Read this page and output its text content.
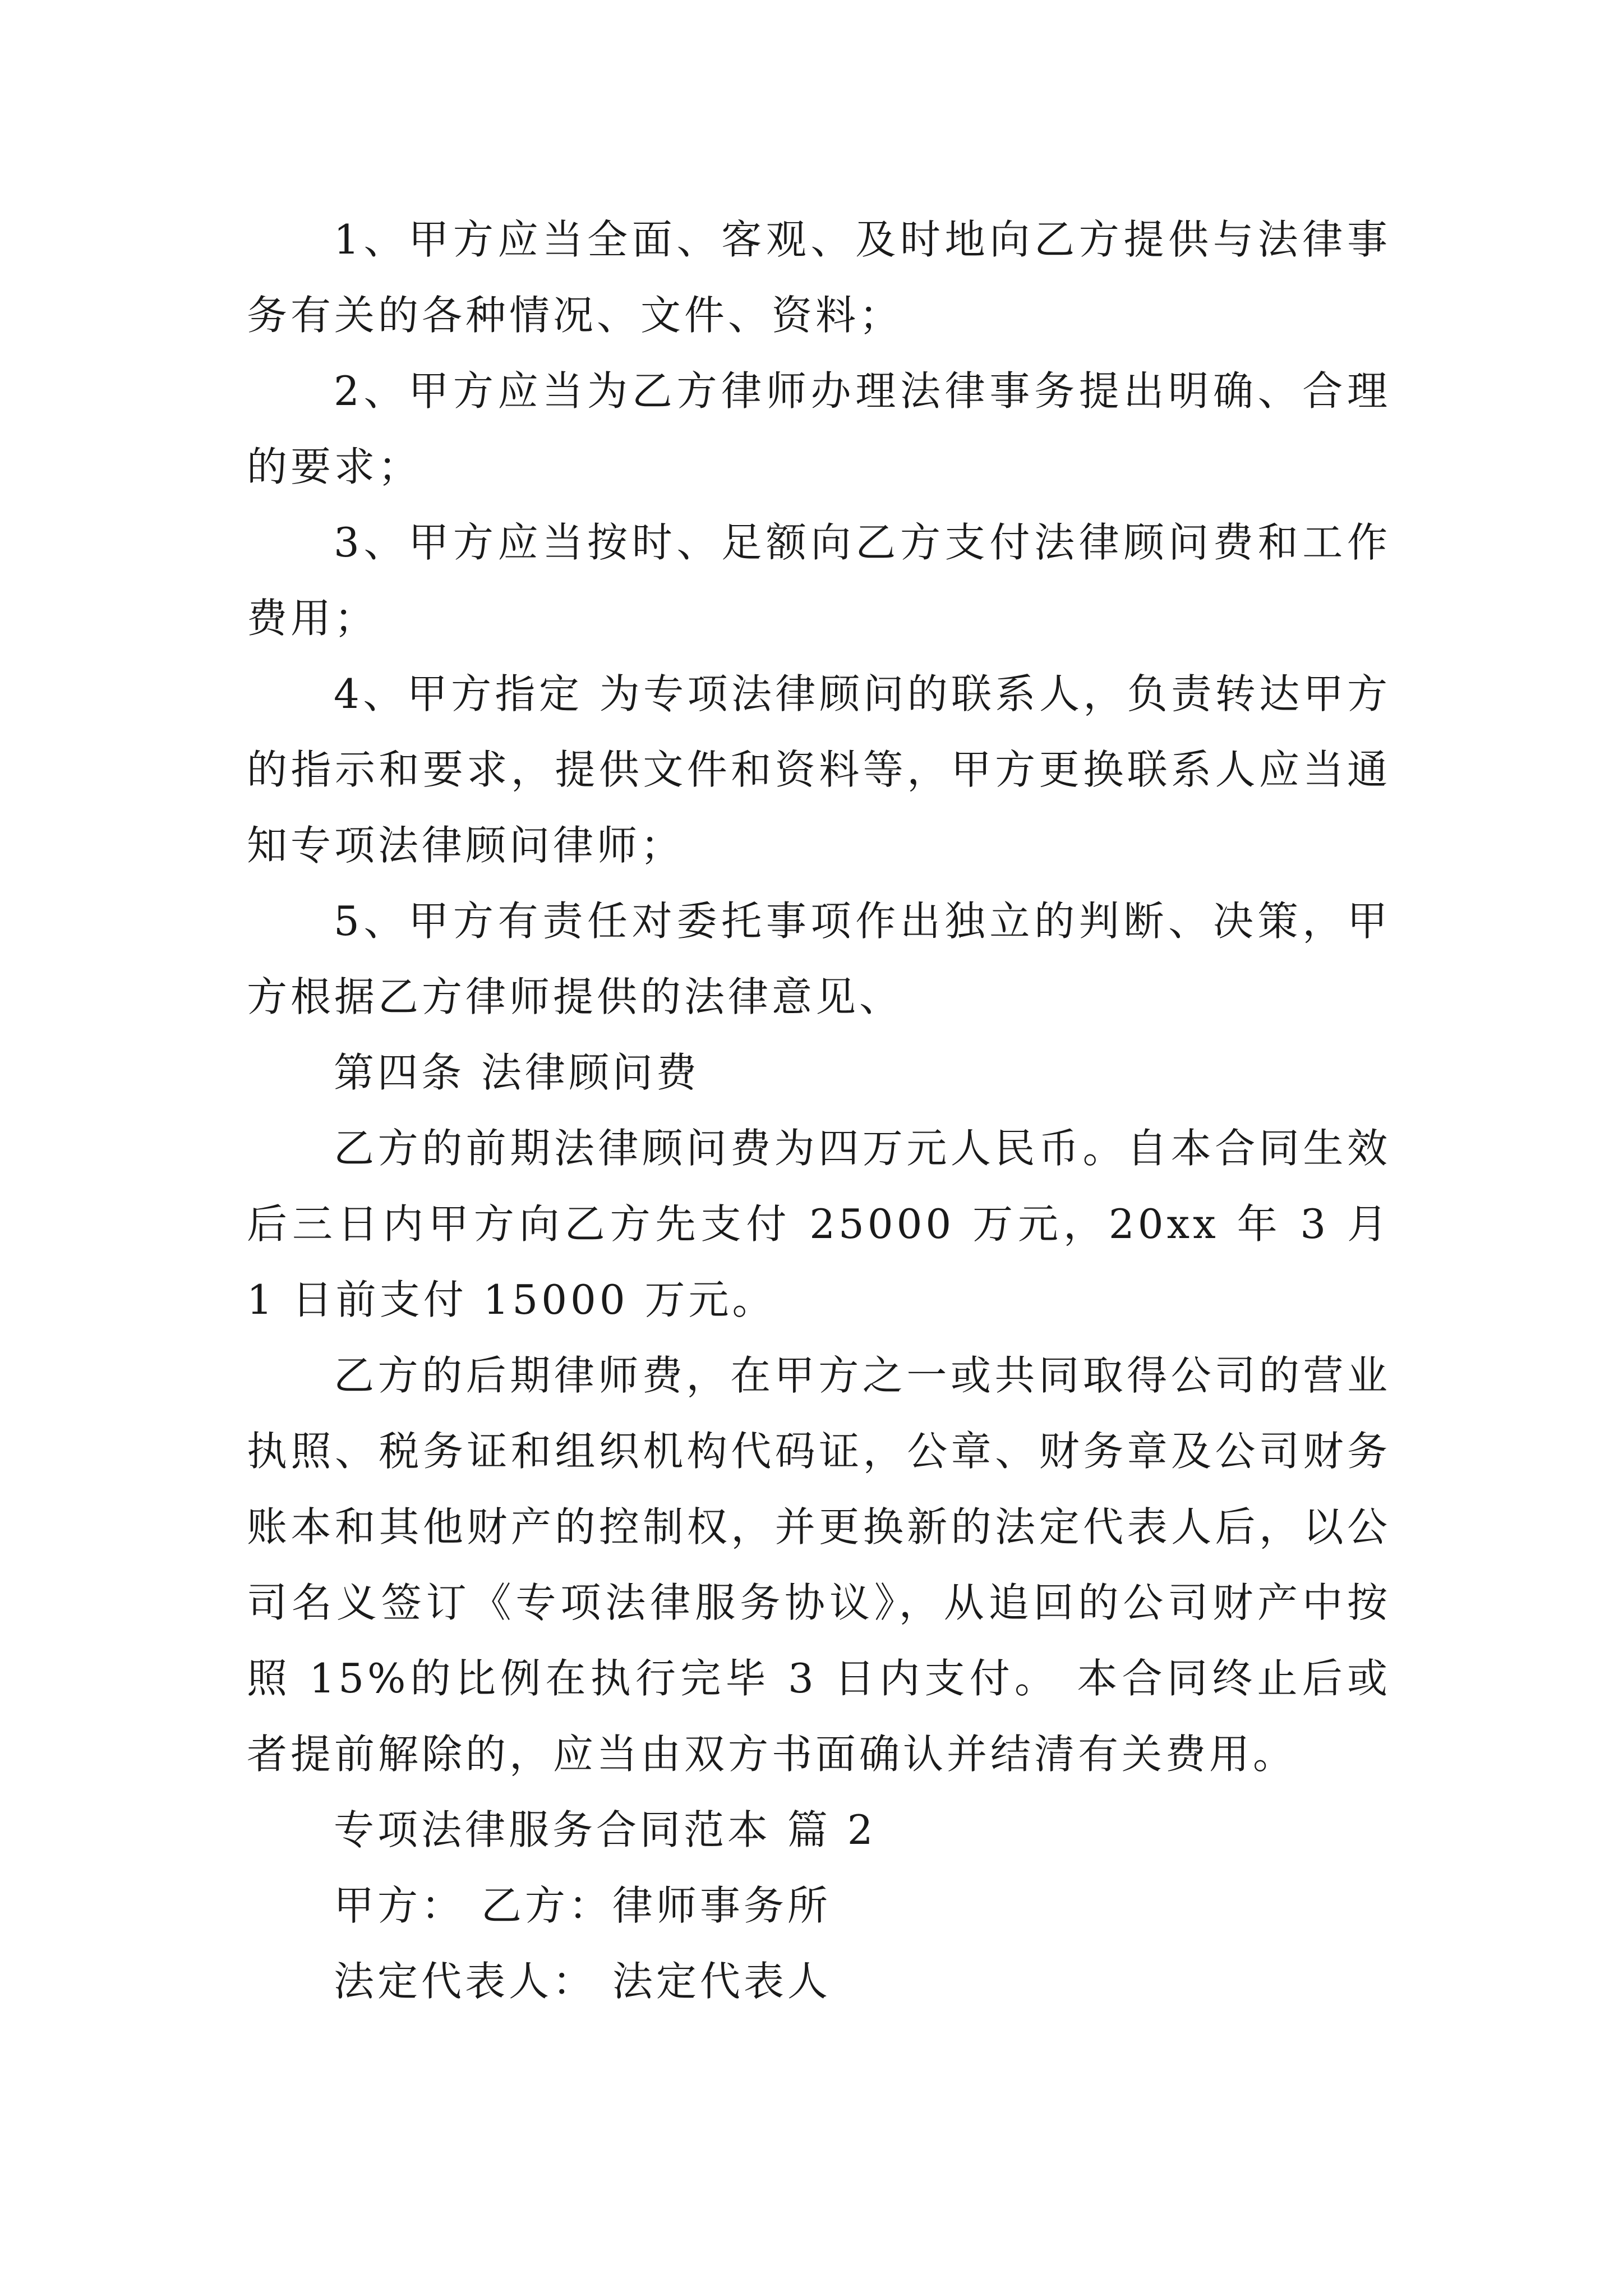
1、甲方应当全面、客观、及时地向乙方提供与法律事务有关的各种情况、文件、资料；

2、甲方应当为乙方律师办理法律事务提出明确、合理的要求；

3、甲方应当按时、足额向乙方支付法律顾问费和工作费用；

4、甲方指定 为专项法律顾问的联系人，负责转达甲方的指示和要求，提供文件和资料等，甲方更换联系人应当通知专项法律顾问律师；

5、甲方有责任对委托事项作出独立的判断、决策，甲方根据乙方律师提供的法律意见、

第四条 法律顾问费

乙方的前期法律顾问费为四万元人民币。自本合同生效后三日内甲方向乙方先支付 25000 万元，20xx 年 3 月 1 日前支付 15000 万元。

乙方的后期律师费，在甲方之一或共同取得公司的营业执照、税务证和组织机构代码证，公章、财务章及公司财务账本和其他财产的控制权，并更换新的法定代表人后，以公司名义签订《专项法律服务协议》，从追回的公司财产中按照 15%的比例在执行完毕 3 日内支付。 本合同终止后或者提前解除的，应当由双方书面确认并结清有关费用。

专项法律服务合同范本 篇 2

甲方： 乙方：律师事务所

法定代表人： 法定代表人
